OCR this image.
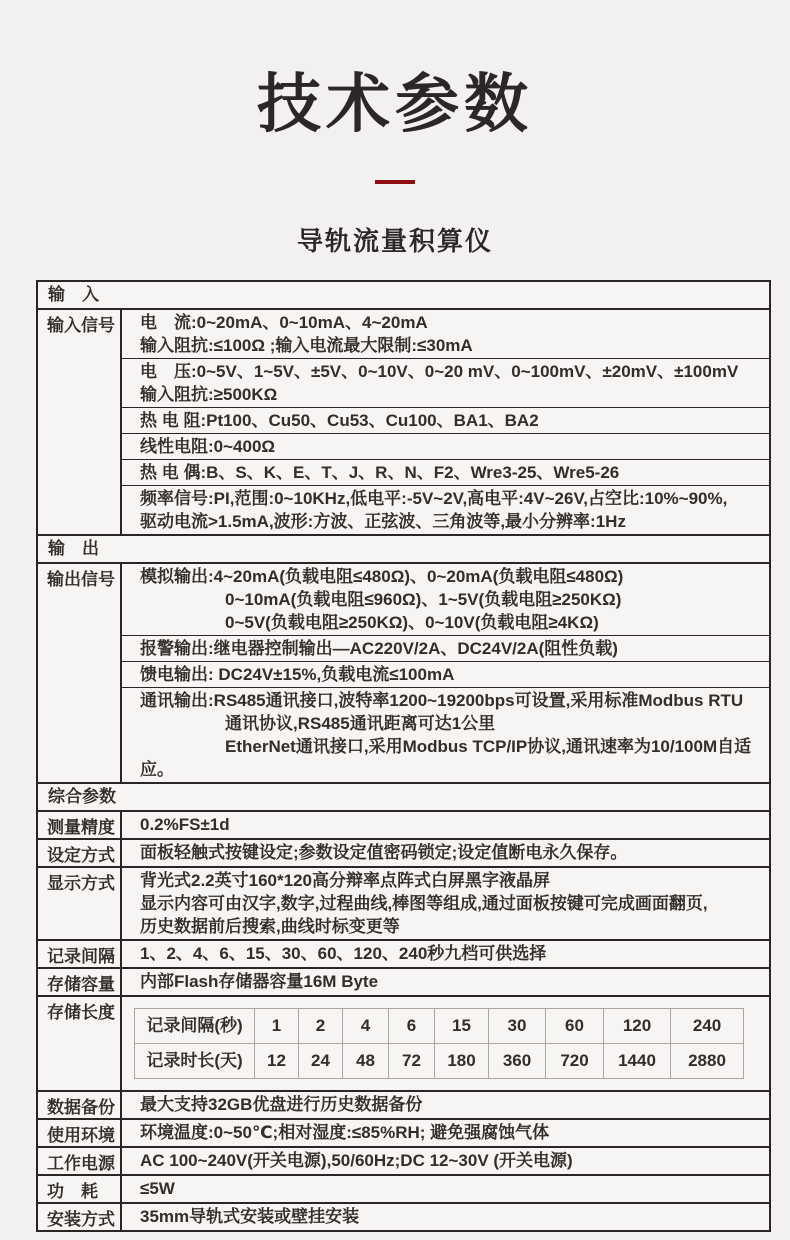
技术参数
导轨流量积算仪
输　入
输入信号	电　流:0~20mA、0~10mA、4~20mA
输入阻抗:≤100Ω ;输入电流最大限制:≤30mA
电　压:0~5V、1~5V、±5V、0~10V、0~20 mV、0~100mV、±20mV、±100mV
输入阻抗:≥500KΩ
热 电 阻:Pt100、Cu50、Cu53、Cu100、BA1、BA2
线性电阻:0~400Ω
热 电 偶:B、S、K、E、T、J、R、N、F2、Wre3-25、Wre5-26
频率信号:PI,范围:0~10KHz,低电平:-5V~2V,高电平:4V~26V,占空比:10%~90%,
驱动电流>1.5mA,波形:方波、正弦波、三角波等,最小分辨率:1Hz
输　出
输出信号	模拟输出:4~20mA(负载电阻≤480Ω)、0~20mA(负载电阻≤480Ω)
　　　　　0~10mA(负载电阻≤960Ω)、1~5V(负载电阻≥250KΩ)
　　　　　0~5V(负载电阻≥250KΩ)、0~10V(负载电阻≥4KΩ)
报警输出:继电器控制输出—AC220V/2A、DC24V/2A(阻性负载)
馈电输出: DC24V±15%,负载电流≤100mA
通讯输出:RS485通讯接口,波特率1200~19200bps可设置,采用标准Modbus RTU
　　　　　通讯协议,RS485通讯距离可达1公里
　　　　　EtherNet通讯接口,采用Modbus TCP/IP协议,通讯速率为10/100M自适应。
综合参数
测量精度	0.2%FS±1d
设定方式	面板轻触式按键设定;参数设定值密码锁定;设定值断电永久保存。
显示方式	背光式2.2英寸160*120高分辩率点阵式白屏黑字液晶屏
显示内容可由汉字,数字,过程曲线,棒图等组成,通过面板按键可完成画面翻页,
历史数据前后搜索,曲线时标变更等
记录间隔	1、2、4、6、15、30、60、120、240秒九档可供选择
存储容量	内部Flash存储器容量16M Byte
存储长度
记录间隔(秒)	1	2	4	6	15	30	60	120	240
记录时长(天)	12	24	48	72	180	360	720	1440	2880
数据备份	最大支持32GB优盘进行历史数据备份
使用环境	环境温度:0~50℃;相对湿度:≤85%RH; 避免强腐蚀气体
工作电源	AC 100~240V(开关电源),50/60Hz;DC 12~30V (开关电源)
功　耗	≤5W
安装方式	35mm导轨式安装或壁挂安装
